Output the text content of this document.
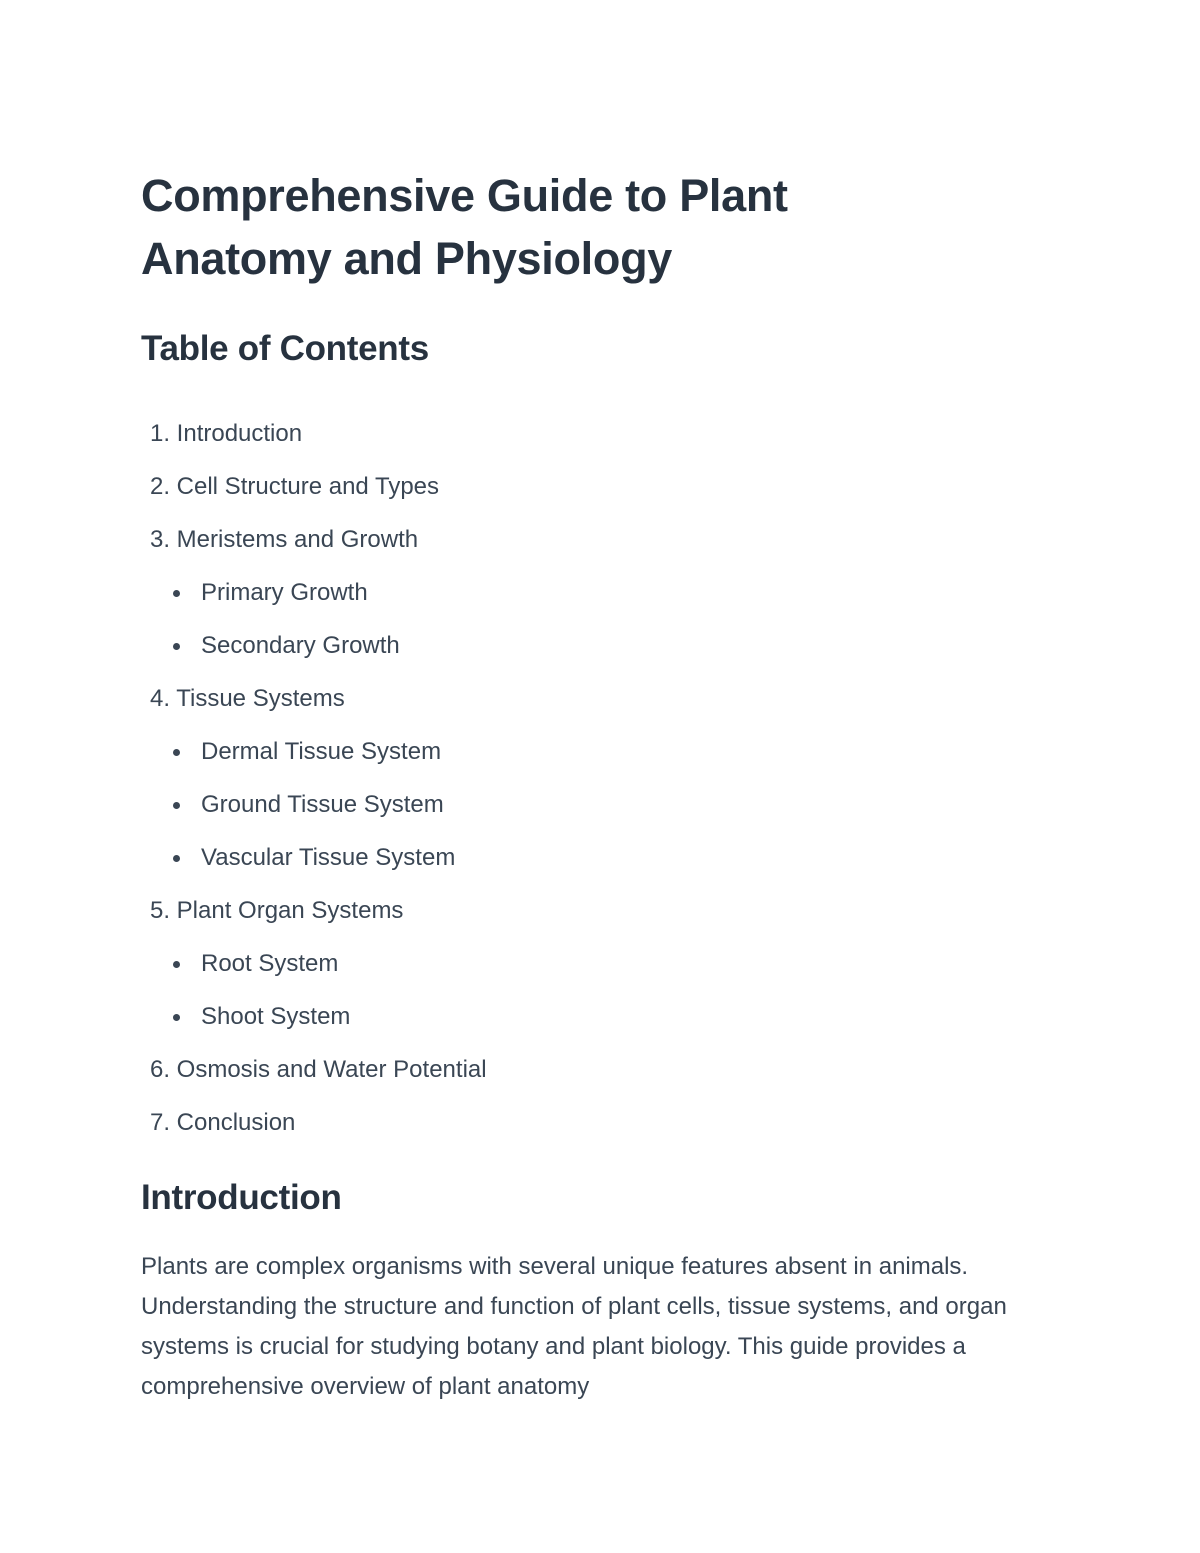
Comprehensive Guide to Plant Anatomy and Physiology
Table of Contents
1. Introduction
2. Cell Structure and Types
3. Meristems and Growth
Primary Growth
Secondary Growth
4. Tissue Systems
Dermal Tissue System
Ground Tissue System
Vascular Tissue System
5. Plant Organ Systems
Root System
Shoot System
6. Osmosis and Water Potential
7. Conclusion
Introduction

Plants are complex organisms with several unique features absent in animals. Understanding the structure and function of plant cells, tissue systems, and organ systems is crucial for studying botany and plant biology. This guide provides a comprehensive overview of plant anatomy
